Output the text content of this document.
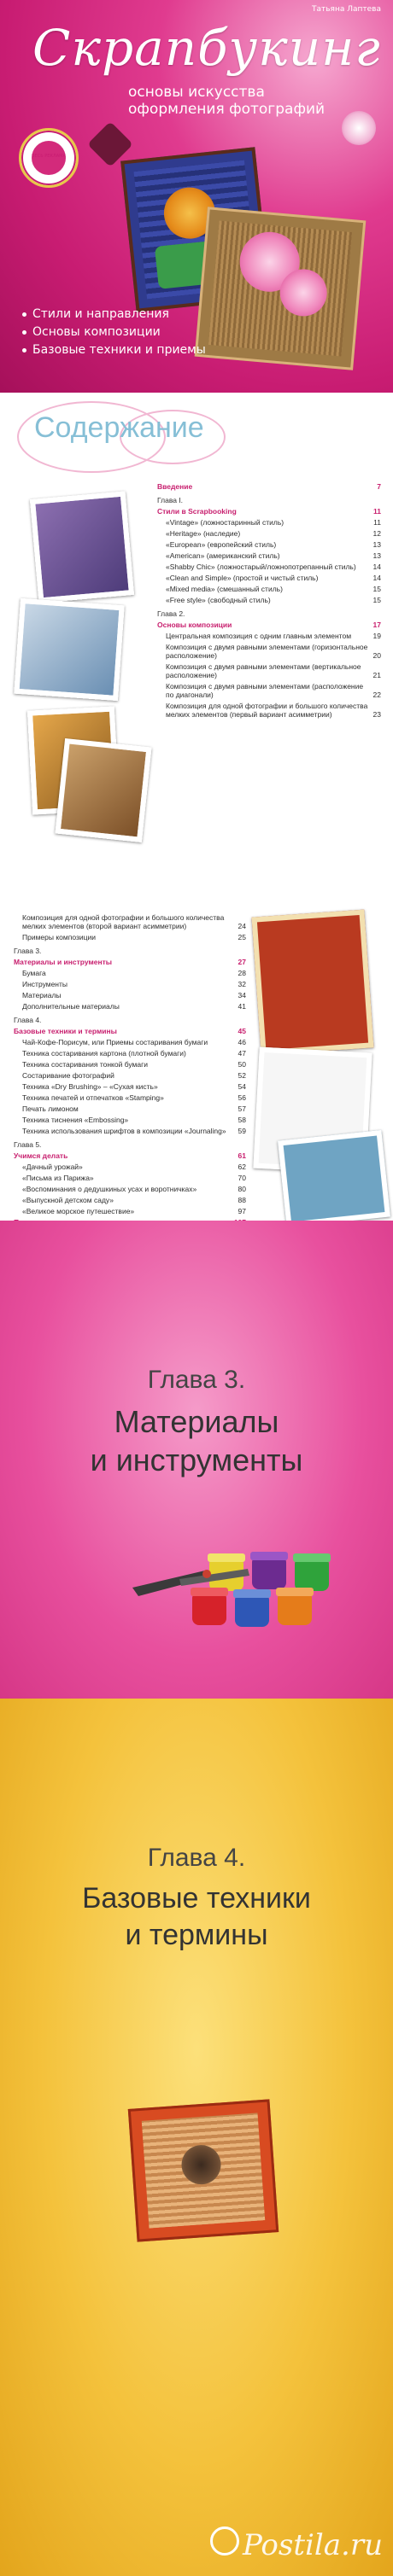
Татьяна Лаптева
Скрапбукинг
основы искусства
оформления фотографий
ВЕСЬ РЕКЛАМА
Стили и направления
Основы композиции
Базовые техники и приемы
Содержание
Введение	7
Глава I.
Стили в Scrapbooking	11
«Vintage» (ложностаринный стиль)	11
«Heritage» (наследие)	12
«European» (европейский стиль)	13
«American» (американский стиль)	13
«Shabby Chic» (ложностарый/ложнопотрепанный стиль)	14
«Clean and Simple» (простой и чистый стиль)	14
«Mixed media» (смешанный стиль)	15
«Free style» (свободный стиль)	15
Глава 2.
Основы композиции	17
Центральная композиция с одним главным элементом	19
Композиция с двумя равными элементами (горизонтальное расположение)	20
Композиция с двумя равными элементами (вертикальное расположение)	21
Композиция с двумя равными элементами (расположение по диагонали)	22
Композиция для одной фотографии и большого количества мелких элементов (первый вариант асимметрии)	23
Композиция для одной фотографии и большого количества мелких элементов (второй вариант асимметрии)	24
Примеры композиции	25
Глава 3.
Материалы и инструменты	27
Бумага	28
Инструменты	32
Материалы	34
Дополнительные материалы	41
Глава 4.
Базовые техники и термины	45
Чай-Кофе-Порисум, или Приемы состаривания бумаги	46
Техника состаривания картона (плотной бумаги)	47
Техника состаривания тонкой бумаги	50
Состаривание фотографий	52
Техника «Dry Brushing» – «Сухая кисть»	54
Техника печатей и отпечатков «Stamping»	56
Печать лимоном	57
Техника тиснения «Embossing»	58
Техника использования шрифтов в композиции «Journaling»	59
Глава 5.
Учимся делать	61
«Дачный урожай»	62
«Письма из Парижа»	70
«Воспоминания о дедушкиных усах и воротничках»	80
«Выпускной детском саду»	88
«Великое морское путешествие»	97
Глава 3.
Материалы
и инструменты
Глава 4.
Базовые техники
и термины
Postila.ru
